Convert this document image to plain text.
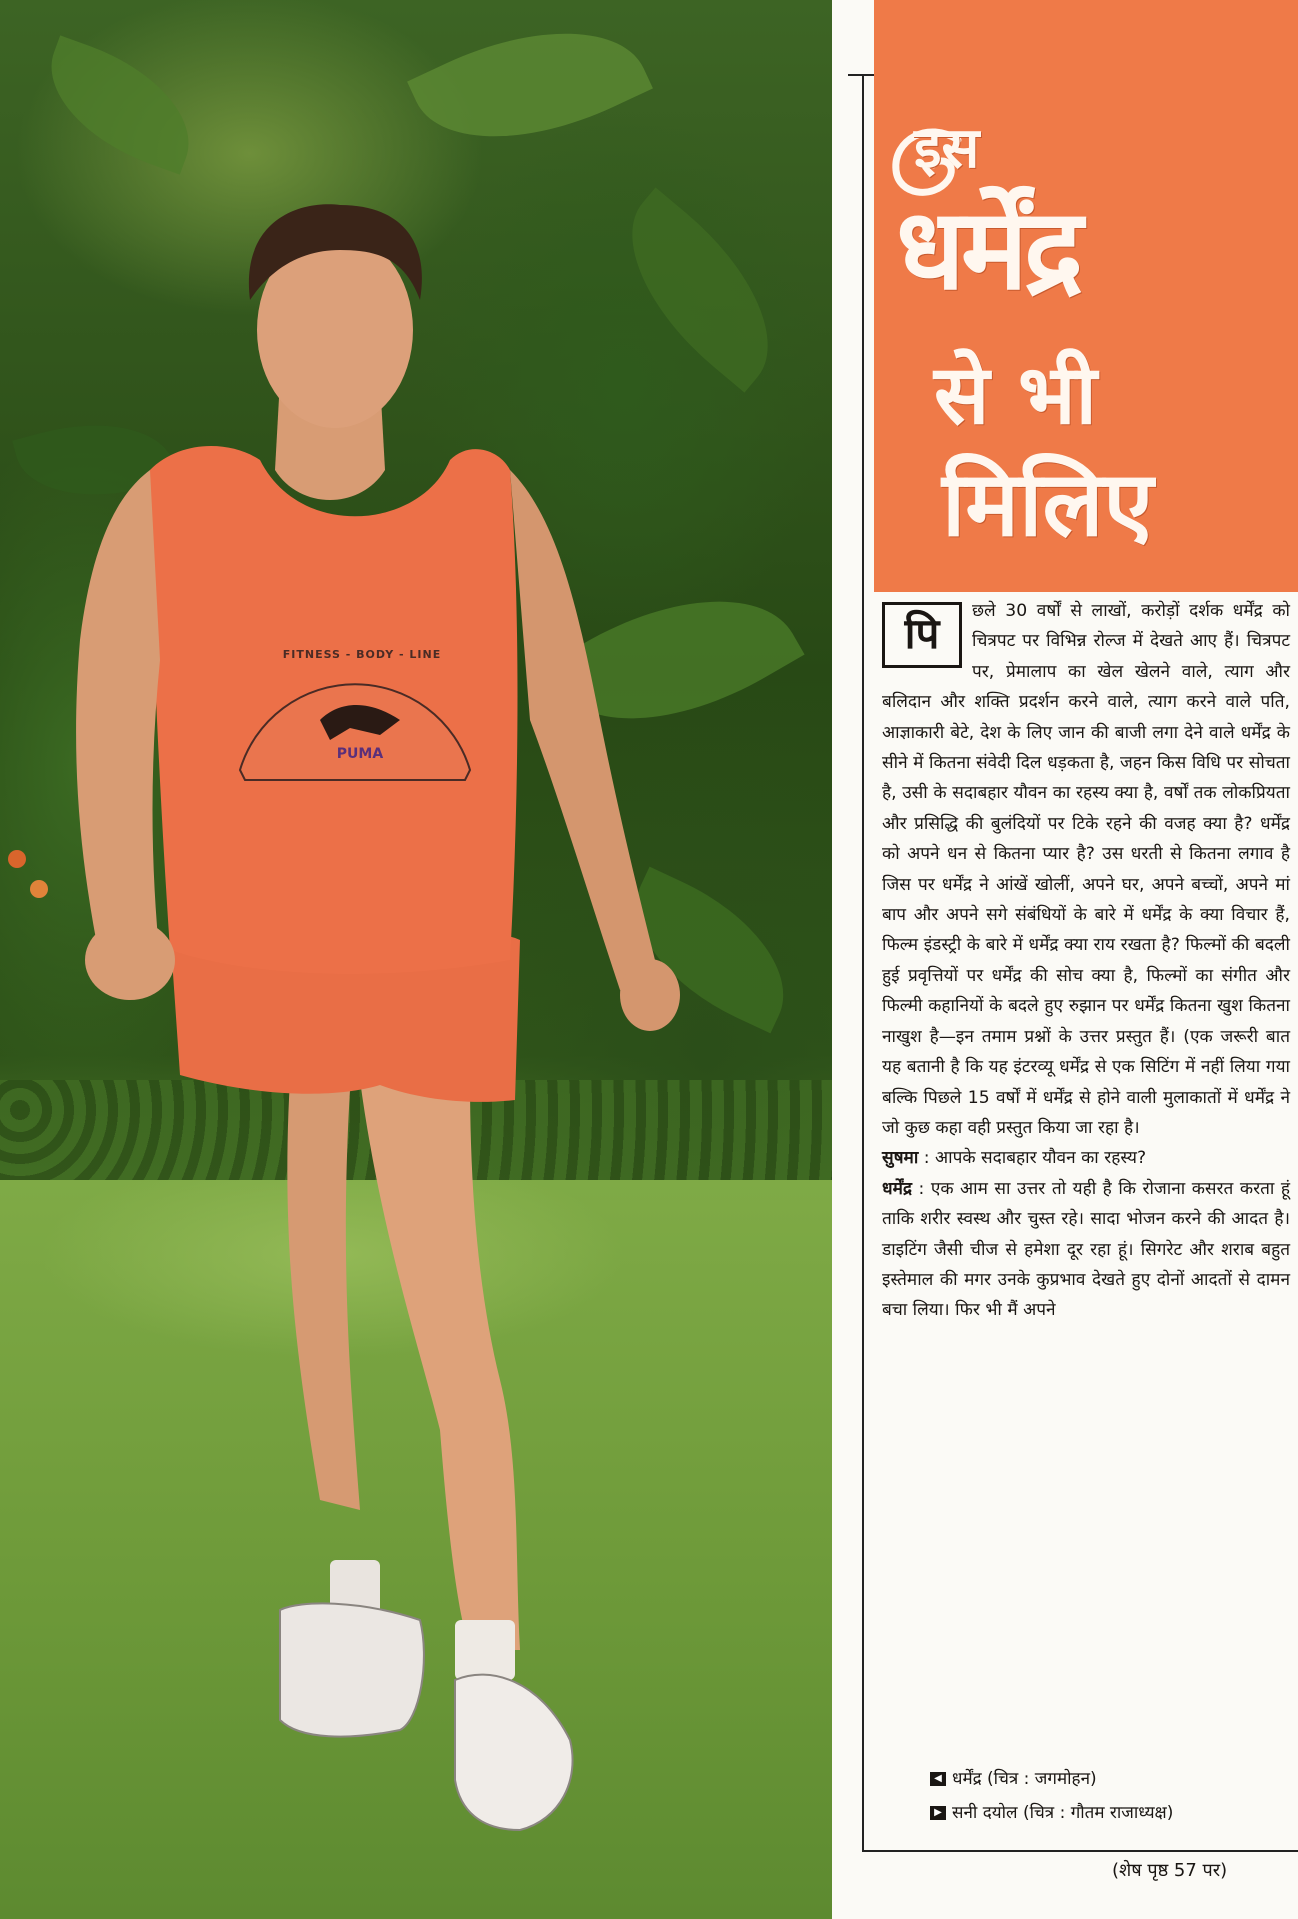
FITNESS - BODY - LINE
PUMA
इस
धर्मेंद्र
से भी
मिलिए
पि	छले 30 वर्षों से लाखों, करोड़ों दर्शक धर्मेंद्र को चित्रपट पर विभिन्न रोल्ज में देखते आए हैं। चित्रपट पर, प्रेमालाप का खेल खेलने वाले, त्याग और बलिदान और शक्ति प्रदर्शन करने वाले, त्याग करने वाले पति, आज्ञाकारी बेटे, देश के लिए जान की बाजी लगा देने वाले धर्मेंद्र के सीने में कितना संवेदी दिल धड़कता है, जहन किस विधि पर सोचता है, उसी के सदाबहार यौवन का रहस्य क्या है, वर्षों तक लोकप्रियता और प्रसिद्धि की बुलंदियों पर टिके रहने की वजह क्या है? धर्मेंद्र को अपने धन से कितना प्यार है? उस धरती से कितना लगाव है जिस पर धर्मेंद्र ने आंखें खोलीं, अपने घर, अपने बच्चों, अपने मां बाप और अपने सगे संबंधियों के बारे में धर्मेंद्र के क्या विचार हैं, फिल्म इंडस्ट्री के बारे में धर्मेंद्र क्या राय रखता है? फिल्मों की बदली हुई प्रवृत्तियों पर धर्मेंद्र की सोच क्या है, फिल्मों का संगीत और फिल्मी कहानियों के बदले हुए रुझान पर धर्मेंद्र कितना खुश कितना नाखुश है—इन तमाम प्रश्नों के उत्तर प्रस्तुत हैं। (एक जरूरी बात यह बतानी है कि यह इंटरव्यू धर्मेंद्र से एक सिटिंग में नहीं लिया गया बल्कि पिछले 15 वर्षों में धर्मेंद्र से होने वाली मुलाकातों में धर्मेंद्र ने जो कुछ कहा वही प्रस्तुत किया जा रहा है।

सुषमा : आपके सदाबहार यौवन का रहस्य?

धर्मेंद्र : एक आम सा उत्तर तो यही है कि रोजाना कसरत करता हूं ताकि शरीर स्वस्थ और चुस्त रहे। सादा भोजन करने की आदत है। डाइटिंग जैसी चीज से हमेशा दूर रहा हूं। सिगरेट और शराब बहुत इस्तेमाल की मगर उनके कुप्रभाव देखते हुए दोनों आदतों से दामन बचा लिया। फिर भी मैं अपने

◀ धर्मेंद्र (चित्र : जगमोहन)
▶ सनी दयोल (चित्र : गौतम राजाध्यक्ष)
(शेष पृष्ठ 57 पर)
